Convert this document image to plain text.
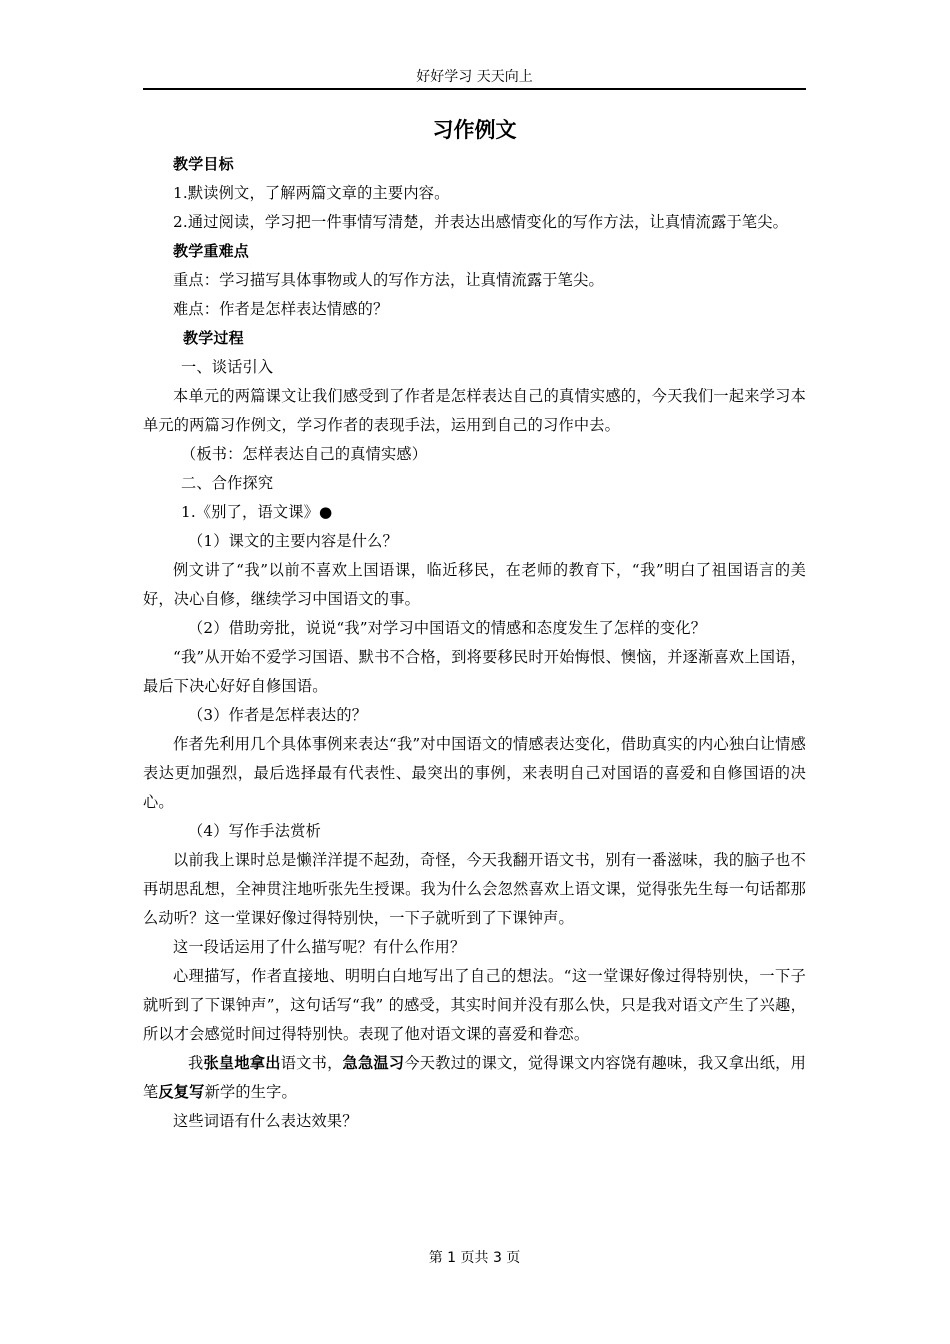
好好学习 天天向上
习作例文

教学目标

1.默读例文，了解两篇文章的主要内容。

2.通过阅读，学习把一件事情写清楚，并表达出感情变化的写作方法，让真情流露于笔尖。

教学重难点

重点：学习描写具体事物或人的写作方法，让真情流露于笔尖。

难点：作者是怎样表达情感的？

教学过程

一、谈话引入

本单元的两篇课文让我们感受到了作者是怎样表达自己的真情实感的，今天我们一起来学习本单元的两篇习作例文，学习作者的表现手法，运用到自己的习作中去。

（板书：怎样表达自己的真情实感）

二、合作探究

1.《别了，语文课》●

（1）课文的主要内容是什么？

例文讲了“我”以前不喜欢上国语课，临近移民，在老师的教育下，“我”明白了祖国语言的美好，决心自修，继续学习中国语文的事。

（2）借助旁批，说说“我”对学习中国语文的情感和态度发生了怎样的变化？

“我”从开始不爱学习国语、默书不合格，到将要移民时开始悔恨、懊恼，并逐渐喜欢上国语，最后下决心好好自修国语。

（3）作者是怎样表达的？

作者先利用几个具体事例来表达“我”对中国语文的情感表达变化，借助真实的内心独白让情感表达更加强烈，最后选择最有代表性、最突出的事例，来表明自己对国语的喜爱和自修国语的决心。

（4）写作手法赏析

以前我上课时总是懒洋洋提不起劲，奇怪，今天我翻开语文书，别有一番滋味，我的脑子也不再胡思乱想，全神贯注地听张先生授课。我为什么会忽然喜欢上语文课，觉得张先生每一句话都那么动听？这一堂课好像过得特别快，一下子就听到了下课钟声。

这一段话运用了什么描写呢？有什么作用？

心理描写，作者直接地、明明白白地写出了自己的想法。“这一堂课好像过得特别快，一下子就听到了下课钟声”，这句话写“我” 的感受，其实时间并没有那么快，只是我对语文产生了兴趣，所以才会感觉时间过得特别快。表现了他对语文课的喜爱和眷恋。

我张皇地拿出语文书，急急温习今天教过的课文，觉得课文内容饶有趣味，我又拿出纸，用笔反复写新学的生字。

这些词语有什么表达效果？

第 1 页共 3 页
